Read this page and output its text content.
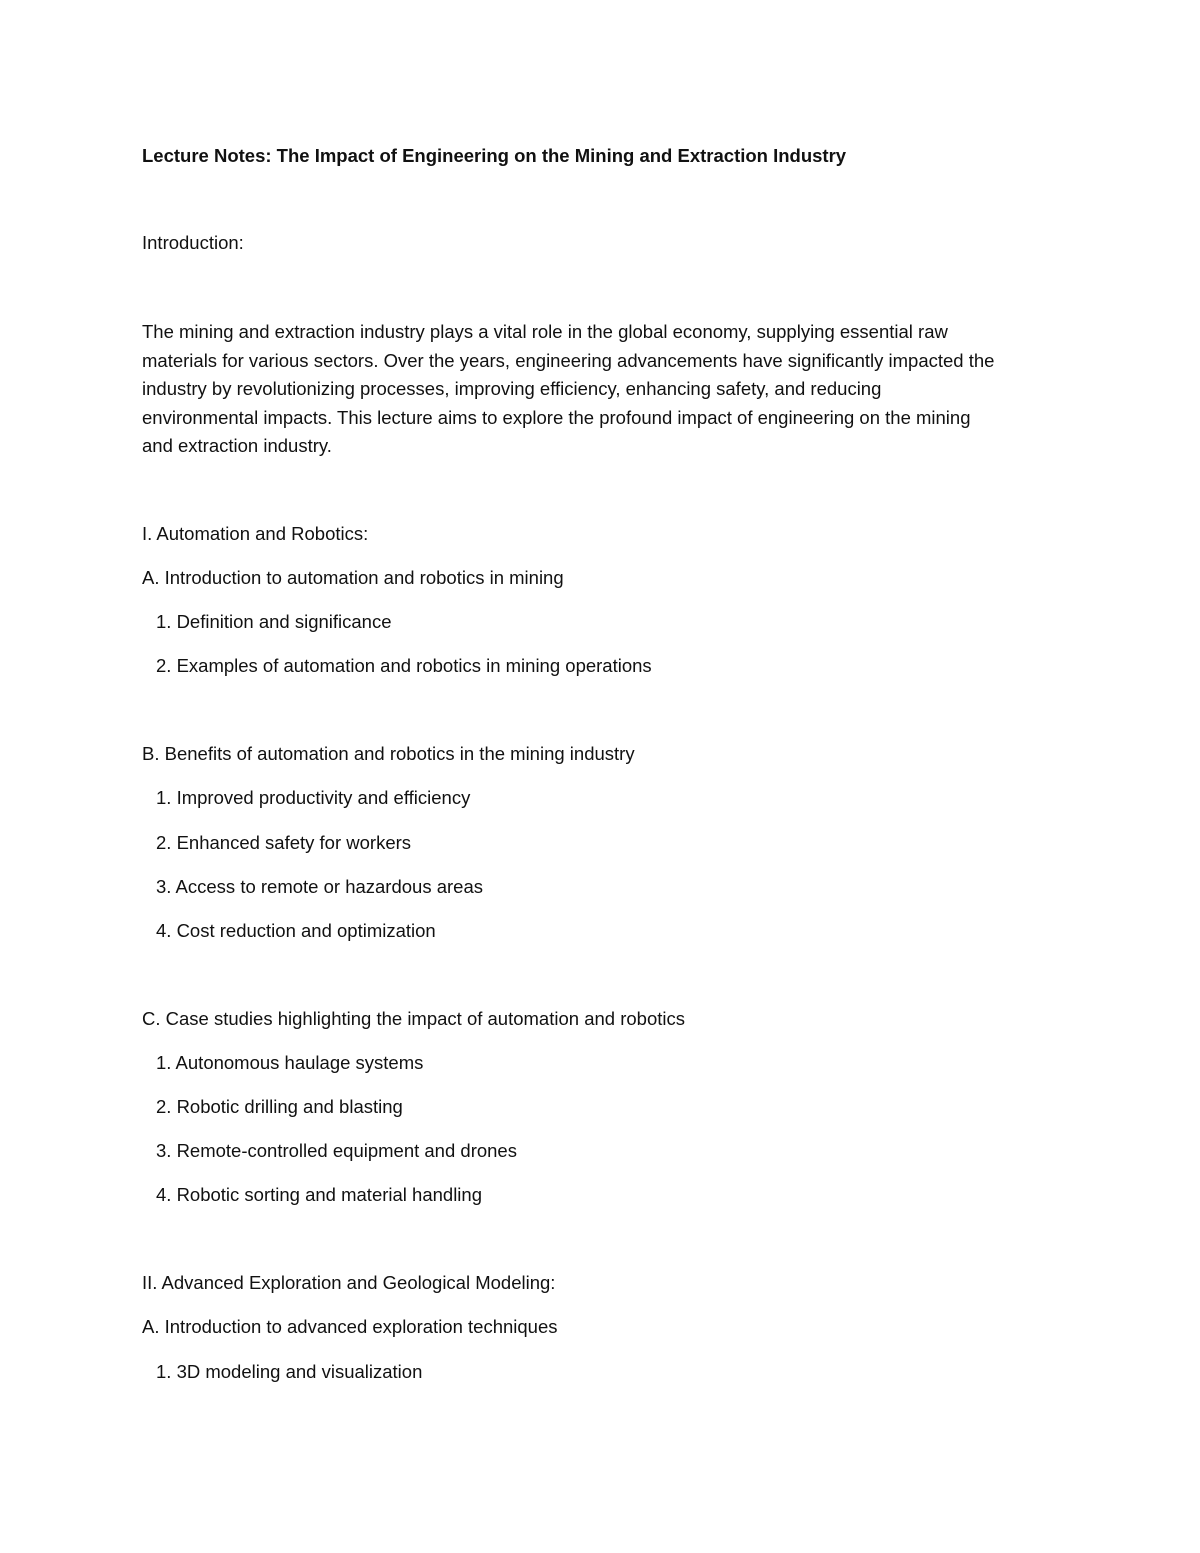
Lecture Notes: The Impact of Engineering on the Mining and Extraction Industry
Introduction:
The mining and extraction industry plays a vital role in the global economy, supplying essential raw
materials for various sectors. Over the years, engineering advancements have significantly impacted the
industry by revolutionizing processes, improving efficiency, enhancing safety, and reducing
environmental impacts. This lecture aims to explore the profound impact of engineering on the mining
and extraction industry.
I. Automation and Robotics:
A. Introduction to automation and robotics in mining
1. Definition and significance
2. Examples of automation and robotics in mining operations
B. Benefits of automation and robotics in the mining industry
1. Improved productivity and efficiency
2. Enhanced safety for workers
3. Access to remote or hazardous areas
4. Cost reduction and optimization
C. Case studies highlighting the impact of automation and robotics
1. Autonomous haulage systems
2. Robotic drilling and blasting
3. Remote-controlled equipment and drones
4. Robotic sorting and material handling
II. Advanced Exploration and Geological Modeling:
A. Introduction to advanced exploration techniques
1. 3D modeling and visualization
